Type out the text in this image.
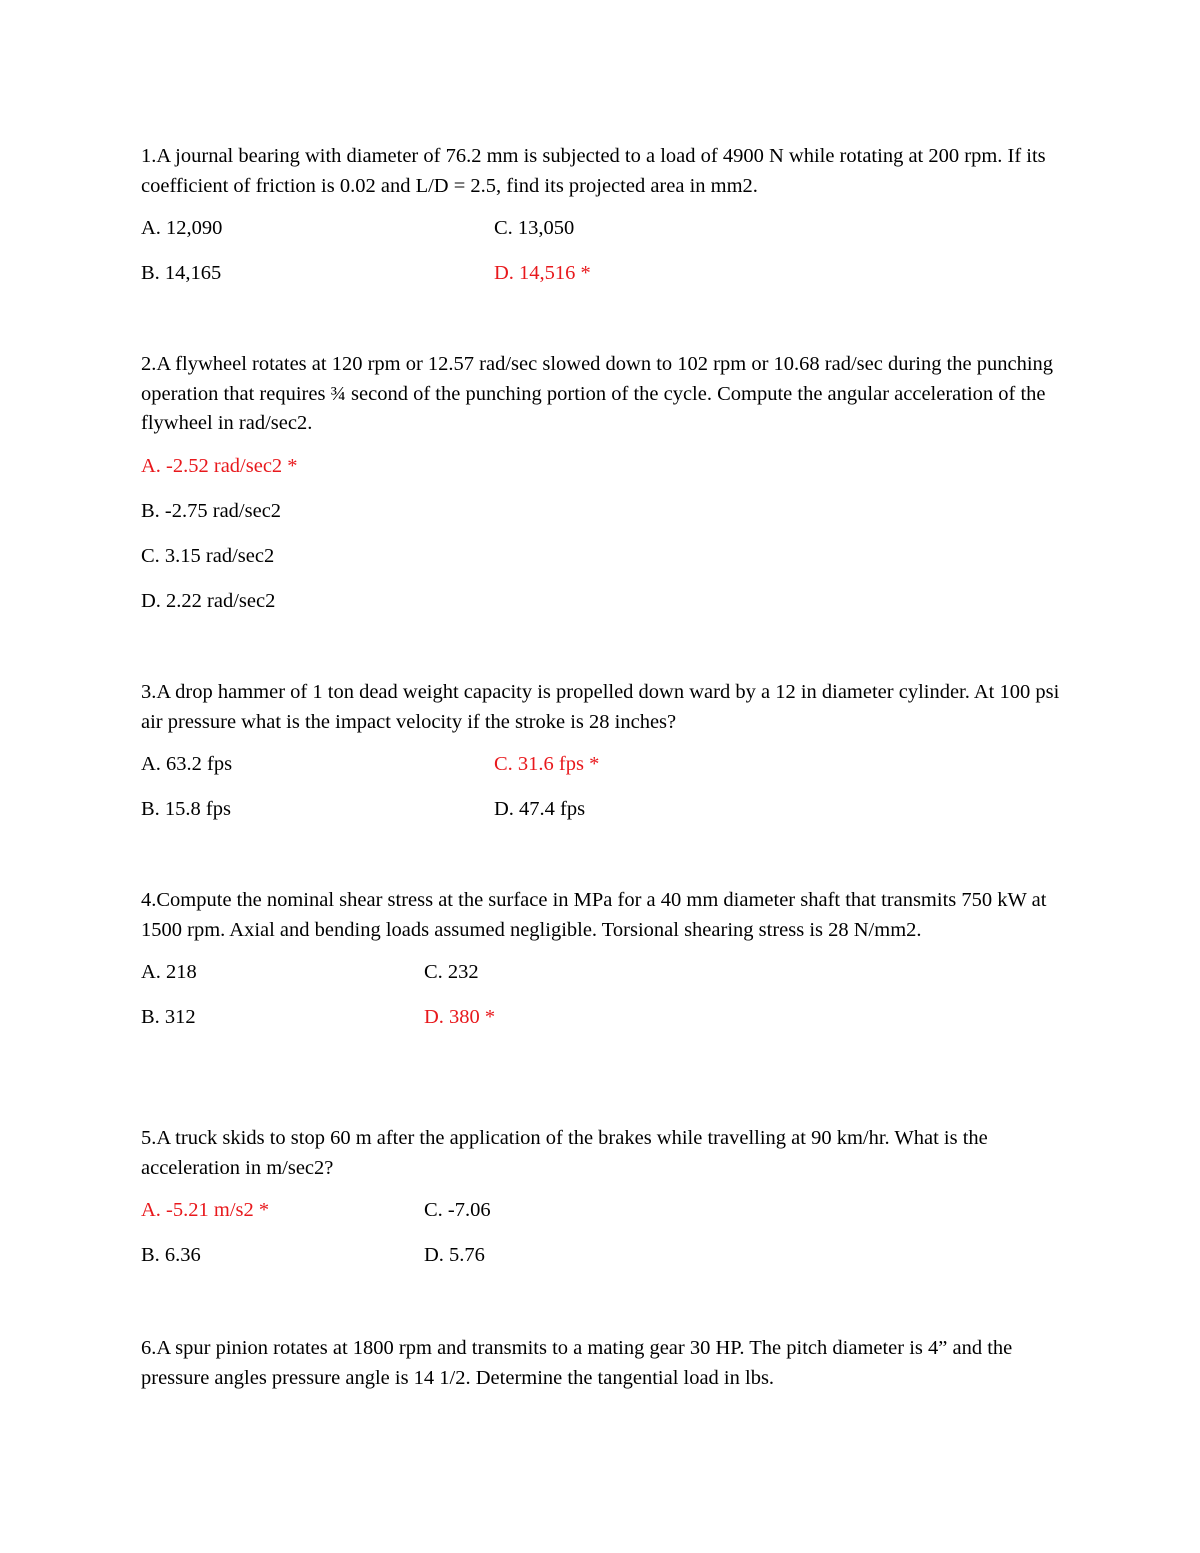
1.A journal bearing with diameter of 76.2 mm is subjected to a load of 4900 N while rotating at 200 rpm. If its coefficient of friction is 0.02 and L/D = 2.5, find its projected area in mm2.

A. 12,090
B. 14,165
C. 13,050
D. 14,516 *

2.A flywheel rotates at 120 rpm or 12.57 rad/sec slowed down to 102 rpm or 10.68 rad/sec during the punching operation that requires ¾ second of the punching portion of the cycle. Compute the angular acceleration of the flywheel in rad/sec2.

A. -2.52 rad/sec2 *
B. -2.75 rad/sec2
C. 3.15 rad/sec2
D. 2.22 rad/sec2

3.A drop hammer of 1 ton dead weight capacity is propelled down ward by a 12 in diameter cylinder. At 100 psi air pressure what is the impact velocity if the stroke is 28 inches?

A. 63.2 fps
B. 15.8 fps
C. 31.6 fps *
D. 47.4 fps

4.Compute the nominal shear stress at the surface in MPa for a 40 mm diameter shaft that transmits 750 kW at 1500 rpm. Axial and bending loads assumed negligible. Torsional shearing stress is 28 N/mm2.

A. 218
B. 312
C. 232
D. 380 *

5.A truck skids to stop 60 m after the application of the brakes while travelling at 90 km/hr. What is the acceleration in m/sec2?

A. -5.21 m/s2 *
B. 6.36
C. -7.06
D. 5.76

6.A spur pinion rotates at 1800 rpm and transmits to a mating gear 30 HP. The pitch diameter is 4” and the pressure angles pressure angle is 14 1/2. Determine the tangential load in lbs.
